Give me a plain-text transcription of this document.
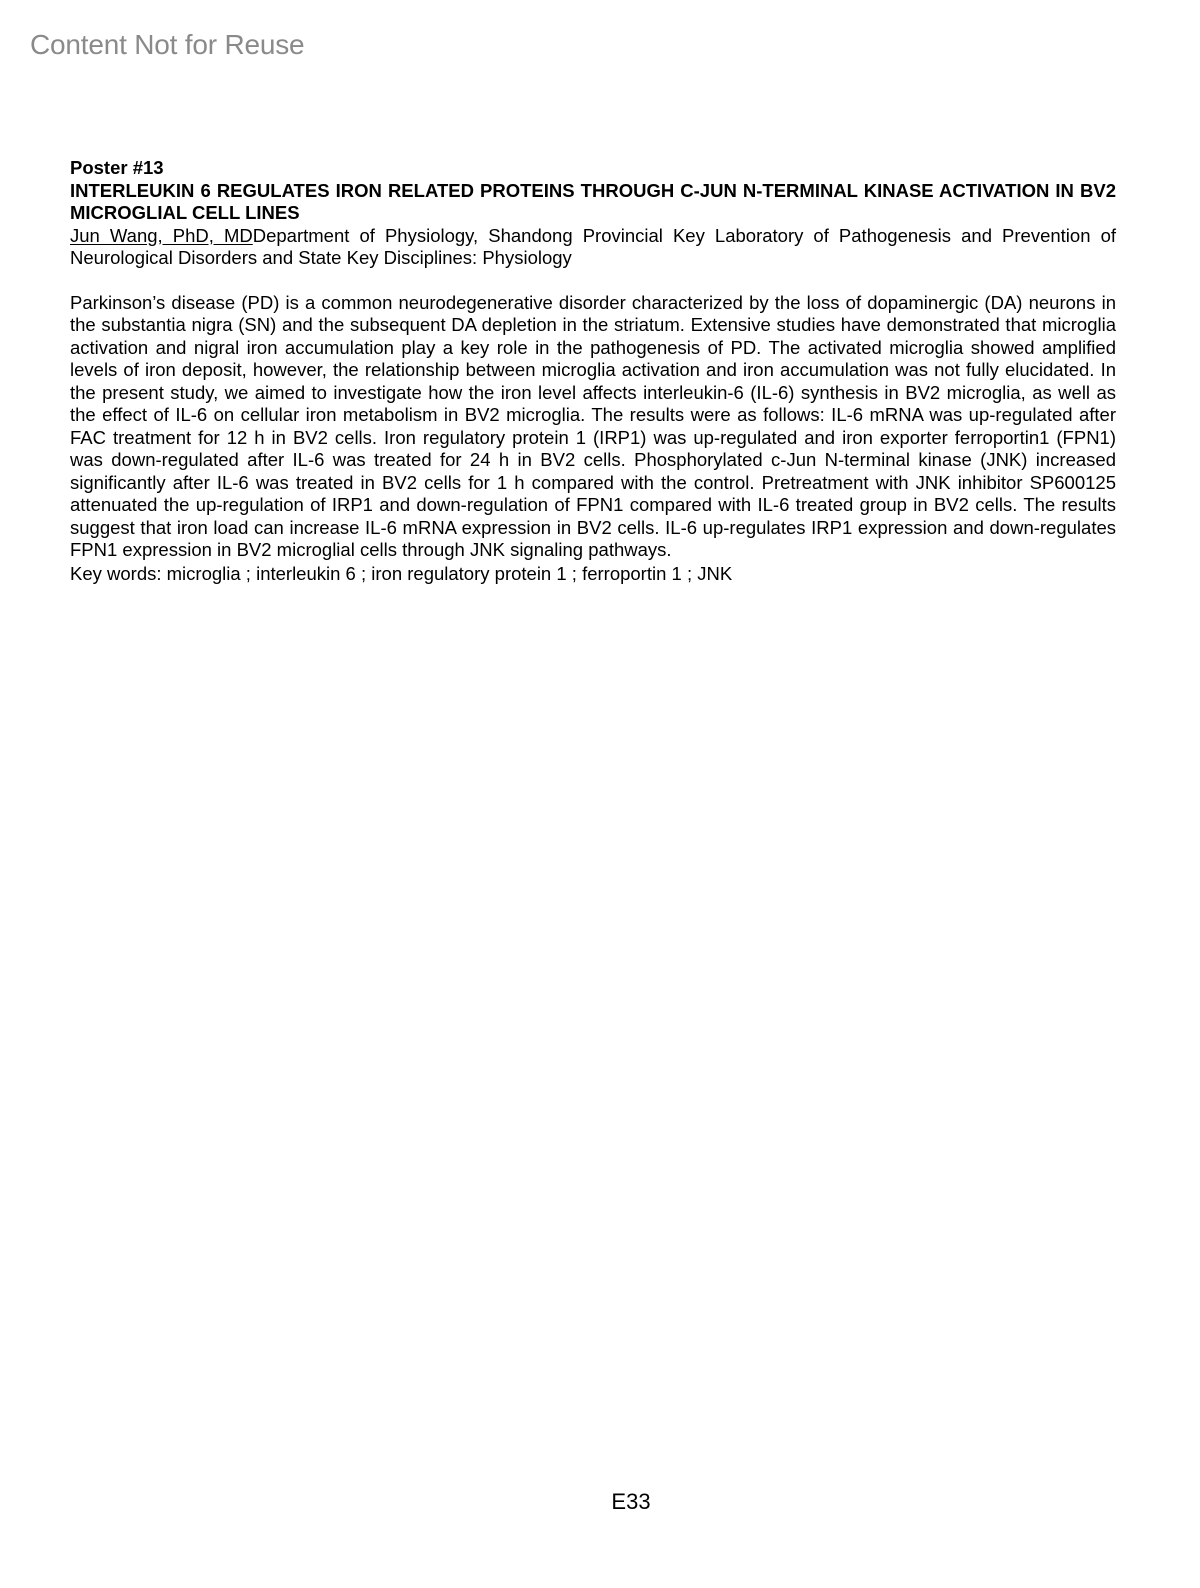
Content Not for Reuse
Poster #13
INTERLEUKIN 6 REGULATES IRON RELATED PROTEINS THROUGH C-JUN N-TERMINAL KINASE ACTIVATION IN BV2 MICROGLIAL CELL LINES
Jun Wang, PhD, MDDepartment of Physiology, Shandong Provincial Key Laboratory of Pathogenesis and Prevention of Neurological Disorders and State Key Disciplines: Physiology
Parkinson’s disease (PD) is a common neurodegenerative disorder characterized by the loss of dopaminergic (DA) neurons in the substantia nigra (SN) and the subsequent DA depletion in the striatum. Extensive studies have demonstrated that microglia activation and nigral iron accumulation play a key role in the pathogenesis of PD. The activated microglia showed amplified levels of iron deposit, however, the relationship between microglia activation and iron accumulation was not fully elucidated. In the present study, we aimed to investigate how the iron level affects interleukin-6 (IL-6) synthesis in BV2 microglia, as well as the effect of IL-6 on cellular iron metabolism in BV2 microglia. The results were as follows: IL-6 mRNA was up-regulated after FAC treatment for 12 h in BV2 cells. Iron regulatory protein 1 (IRP1) was up-regulated and iron exporter ferroportin1 (FPN1) was down-regulated after IL-6 was treated for 24 h in BV2 cells. Phosphorylated c-Jun N-terminal kinase (JNK) increased significantly after IL-6 was treated in BV2 cells for 1 h compared with the control. Pretreatment with JNK inhibitor SP600125 attenuated the up-regulation of IRP1 and down-regulation of FPN1 compared with IL-6 treated group in BV2 cells. The results suggest that iron load can increase IL-6 mRNA expression in BV2 cells. IL-6 up-regulates IRP1 expression and down-regulates FPN1 expression in BV2 microglial cells through JNK signaling pathways.
Key words: microglia ; interleukin 6 ; iron regulatory protein 1 ; ferroportin 1 ; JNK
E33
